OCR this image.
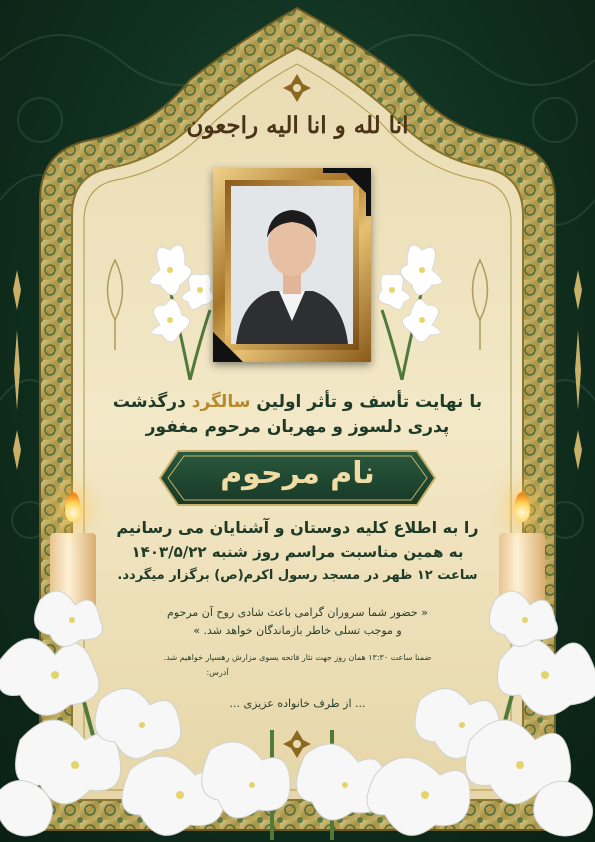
انا لله و انا الیه راجعون
با نهایت تأسف و تأثر اولین سالگرد درگذشت
پدری دلسوز و مهربان مرحوم مغفور
نام مرحوم
را به اطلاع کلیه دوستان و آشنایان می رسانیم
به همین مناسبت مراسم روز شنبه ۱۴۰۳/۵/۲۲
ساعت ۱۲ ظهر در مسجد رسول اکرم(ص) برگزار میگردد.
« حضور شما سروران گرامی باعث شادی روح آن مرحوم
و موجب تسلی خاطر بازماندگان خواهد شد. »
ضمنا ساعت ۱۳:۳۰ همان روز جهت نثار فاتحه بسوی مزارش رهسپار خواهیم شد.
آدرس:
... از طرف خانواده عزیزی ...
